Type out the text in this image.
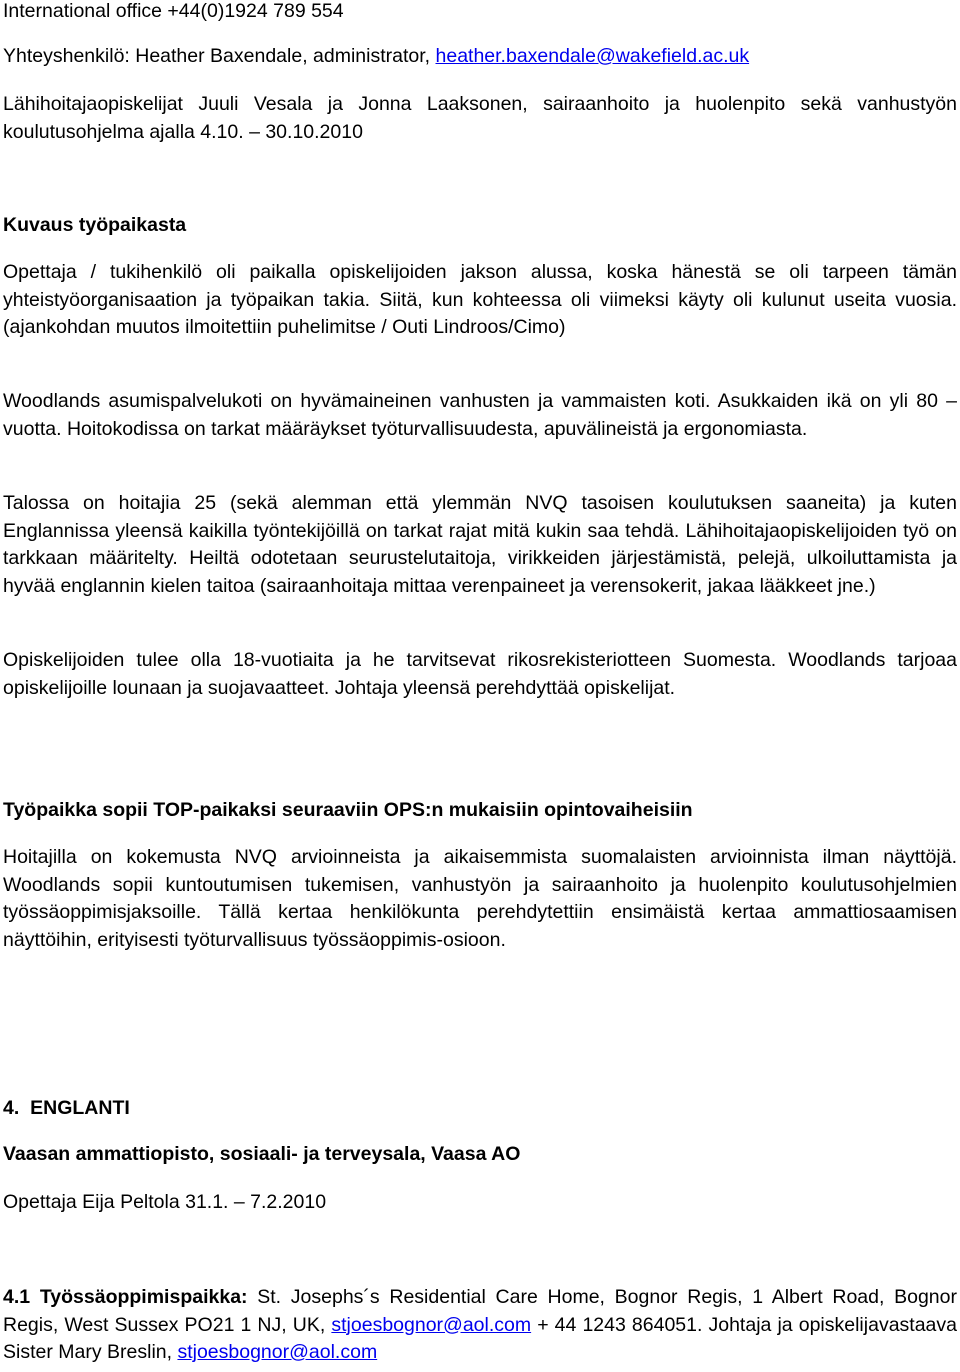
International office +44(0)1924 789 554
Yhteyshenkilö: Heather Baxendale, administrator, heather.baxendale@wakefield.ac.uk
Lähihoitajaopiskelijat Juuli Vesala ja Jonna Laaksonen, sairaanhoito ja huolenpito sekä vanhustyön koulutusohjelma ajalla 4.10. – 30.10.2010
Kuvaus työpaikasta
Opettaja / tukihenkilö oli paikalla opiskelijoiden jakson alussa, koska hänestä se oli tarpeen tämän yhteistyöorganisaation ja työpaikan takia. Siitä, kun kohteessa oli viimeksi käyty oli kulunut useita vuosia. (ajankohdan muutos ilmoitettiin puhelimitse / Outi Lindroos/Cimo)
Woodlands asumispalvelukoti on hyvämaineinen vanhusten ja vammaisten koti. Asukkaiden ikä on yli 80 – vuotta. Hoitokodissa on tarkat määräykset työturvallisuudesta, apuvälineistä ja ergonomiasta.
Talossa on hoitajia 25 (sekä alemman että ylemmän NVQ tasoisen koulutuksen saaneita) ja kuten Englannissa yleensä kaikilla työntekijöillä on tarkat rajat mitä kukin saa tehdä. Lähihoitajaopiskelijoiden työ on tarkkaan määritelty. Heiltä odotetaan seurustelutaitoja, virikkeiden järjestämistä, pelejä, ulkoiluttamista ja hyvää englannin kielen taitoa (sairaanhoitaja mittaa verenpaineet ja verensokerit, jakaa lääkkeet jne.)
Opiskelijoiden tulee olla 18-vuotiaita ja he tarvitsevat rikosrekisteriotteen Suomesta. Woodlands tarjoaa opiskelijoille lounaan ja suojavaatteet. Johtaja yleensä perehdyttää opiskelijat.
Työpaikka sopii TOP-paikaksi seuraaviin OPS:n mukaisiin opintovaiheisiin
Hoitajilla on kokemusta NVQ arvioinneista ja aikaisemmista suomalaisten arvioinnista ilman näyttöjä. Woodlands sopii kuntoutumisen tukemisen, vanhustyön ja sairaanhoito ja huolenpito koulutusohjelmien työssäoppimisjaksoille. Tällä kertaa henkilökunta perehdytettiin ensimäistä kertaa ammattiosaamisen näyttöihin, erityisesti työturvallisuus työssäoppimis-osioon.
4. ENGLANTI
Vaasan ammattiopisto, sosiaali- ja terveysala, Vaasa AO
Opettaja Eija Peltola 31.1. – 7.2.2010
4.1 Työssäoppimispaikka: St. Josephs´s Residential Care Home, Bognor Regis, 1 Albert Road, Bognor Regis, West Sussex PO21 1 NJ, UK, stjoesbognor@aol.com + 44 1243 864051. Johtaja ja opiskelijavastaava Sister Mary Breslin, stjoesbognor@aol.com
